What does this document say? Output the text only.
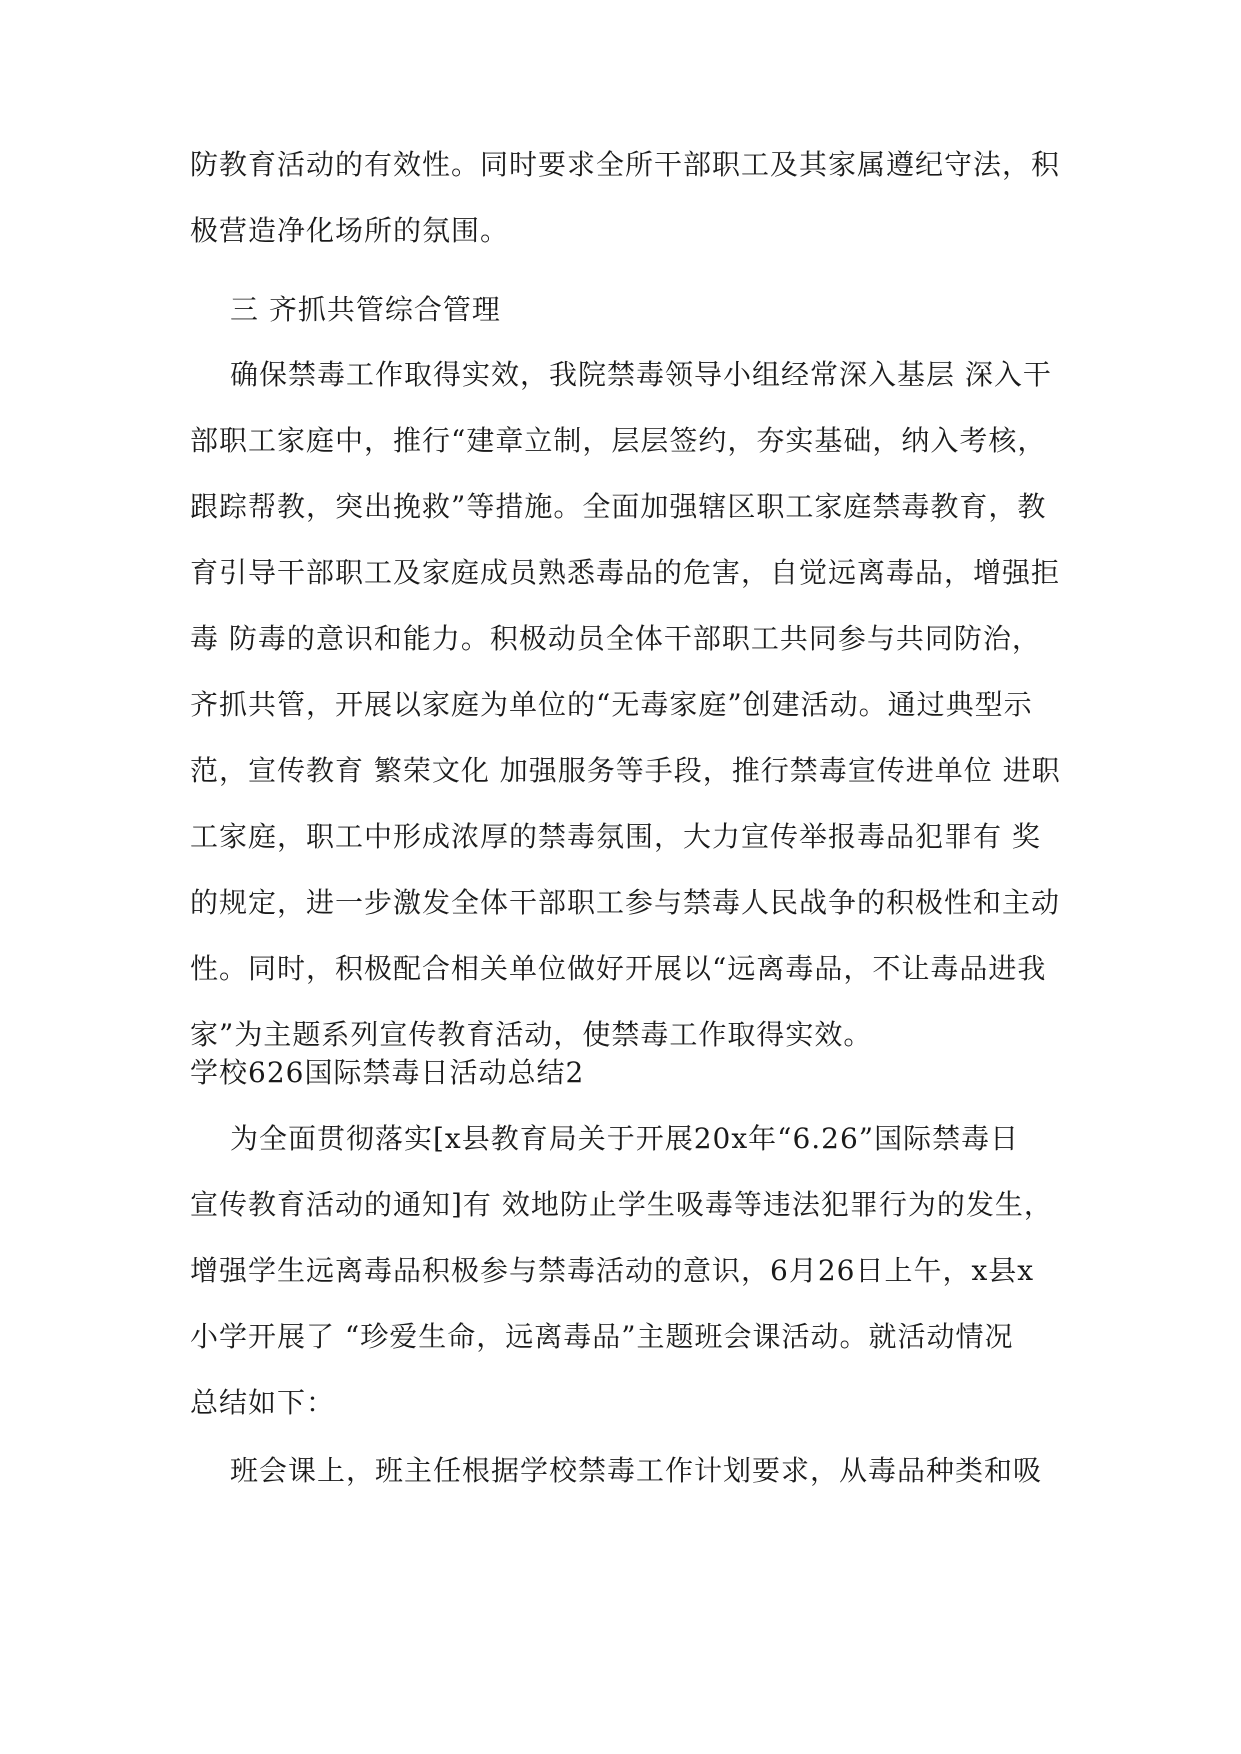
防教育活动的有效性。同时要求全所干部职工及其家属遵纪守法，积
极营造净化场所的氛围。
三 齐抓共管综合管理
确保禁毒工作取得实效，我院禁毒领导小组经常深入基层 深入干
部职工家庭中，推行“建章立制，层层签约，夯实基础，纳入考核，
跟踪帮教，突出挽救”等措施。全面加强辖区职工家庭禁毒教育，教
育引导干部职工及家庭成员熟悉毒品的危害，自觉远离毒品，增强拒
毒 防毒的意识和能力。积极动员全体干部职工共同参与共同防治，
齐抓共管，开展以家庭为单位的“无毒家庭”创建活动。通过典型示
范，宣传教育 繁荣文化 加强服务等手段，推行禁毒宣传进单位 进职
工家庭，职工中形成浓厚的禁毒氛围，大力宣传举报毒品犯罪有 奖
的规定，进一步激发全体干部职工参与禁毒人民战争的积极性和主动
性。同时，积极配合相关单位做好开展以“远离毒品，不让毒品进我
家”为主题系列宣传教育活动，使禁毒工作取得实效。
学校626国际禁毒日活动总结2
为全面贯彻落实[x县教育局关于开展20x年“6.26”国际禁毒日
宣传教育活动的通知]有 效地防止学生吸毒等违法犯罪行为的发生，
增强学生远离毒品积极参与禁毒活动的意识，6月26日上午，x县x
小学开展了 “珍爱生命，远离毒品”主题班会课活动。就活动情况
总结如下：
班会课上，班主任根据学校禁毒工作计划要求，从毒品种类和吸
